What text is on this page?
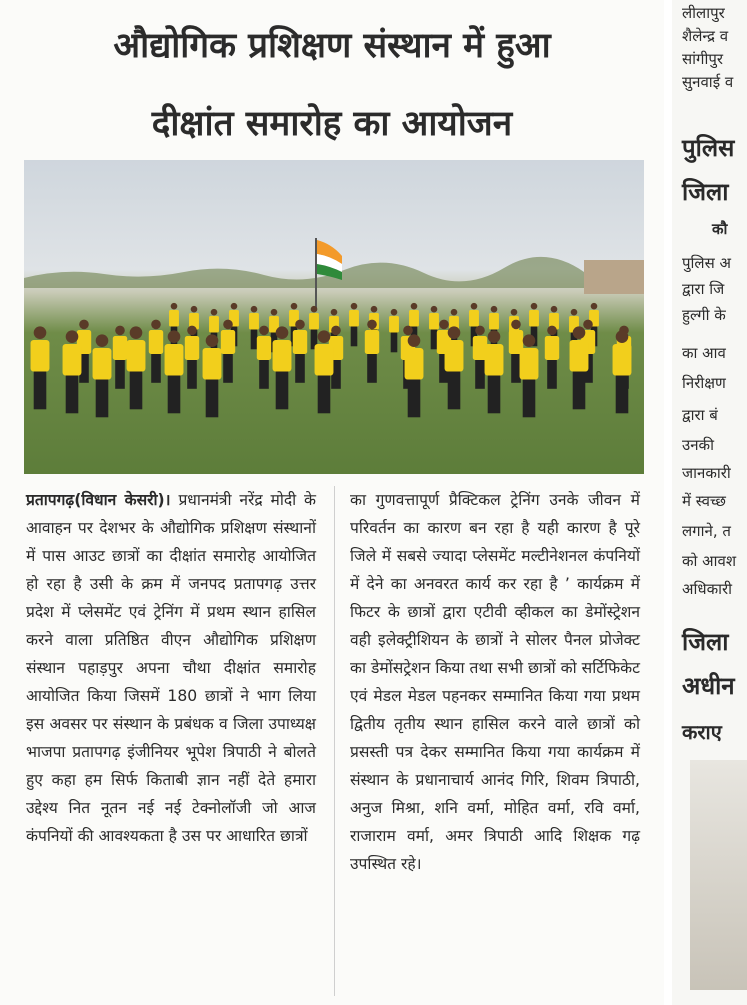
औद्योगिक प्रशिक्षण संस्थान में हुआ
दीक्षांत समारोह का आयोजन
प्रतापगढ़(विधान केसरी)। प्रधानमंत्री नरेंद्र मोदी के आवाहन पर देशभर के औद्योगिक प्रशिक्षण संस्थानों में पास आउट छात्रों का दीक्षांत समारोह आयोजित हो रहा है उसी के क्रम में जनपद प्रतापगढ़ उत्तर प्रदेश में प्लेसमेंट एवं ट्रेनिंग में प्रथम स्थान हासिल करने वाला प्रतिष्ठित वीएन औद्योगिक प्रशिक्षण संस्थान पहाड़पुर अपना चौथा दीक्षांत समारोह आयोजित किया जिसमें 180 छात्रों ने भाग लिया इस अवसर पर संस्थान के प्रबंधक व जिला उपाध्यक्ष भाजपा प्रतापगढ़ इंजीनियर भूपेश त्रिपाठी ने बोलते हुए कहा हम सिर्फ किताबी ज्ञान नहीं देते हमारा उद्देश्य नित नूतन नई नई टेक्नोलॉजी जो आज कंपनियों की आवश्यकता है उस पर आधारित छात्रों
का गुणवत्तापूर्ण प्रैक्टिकल ट्रेनिंग उनके जीवन में परिवर्तन का कारण बन रहा है यही कारण है पूरे जिले में सबसे ज्यादा प्लेसमेंट मल्टीनेशनल कंपनियों में देने का अनवरत कार्य कर रहा है ’ कार्यक्रम में फिटर के छात्रों द्वारा एटीवी व्हीकल का डेमोंस्ट्रेशन वही इलेक्ट्रीशियन के छात्रों ने सोलर पैनल प्रोजेक्ट का डेमोंसट्रेशन किया तथा सभी छात्रों को सर्टिफिकेट एवं मेडल मेडल पहनकर सम्मानित किया गया प्रथम द्वितीय तृतीय स्थान हासिल करने वाले छात्रों को प्रसस्ती पत्र देकर सम्मानित किया गया कार्यक्रम में संस्थान के प्रधानाचार्य आनंद गिरि, शिवम त्रिपाठी, अनुज मिश्रा, शनि वर्मा, मोहित वर्मा, रवि वर्मा, राजाराम वर्मा, अमर त्रिपाठी आदि शिक्षक गढ़ उपस्थित रहे।
लीलापुर
शैलेन्द्र व
सांगीपुर
सुनवाई व
पुलिस
जिला
कौ
पुलिस अ
द्वारा जि
हुल्गी के
का आव
निरीक्षण
द्वारा बं
उनकी
जानकारी
में स्वच्छ
लगाने, त
को आवश
अधिकारी
जिला
अधीन
कराए
